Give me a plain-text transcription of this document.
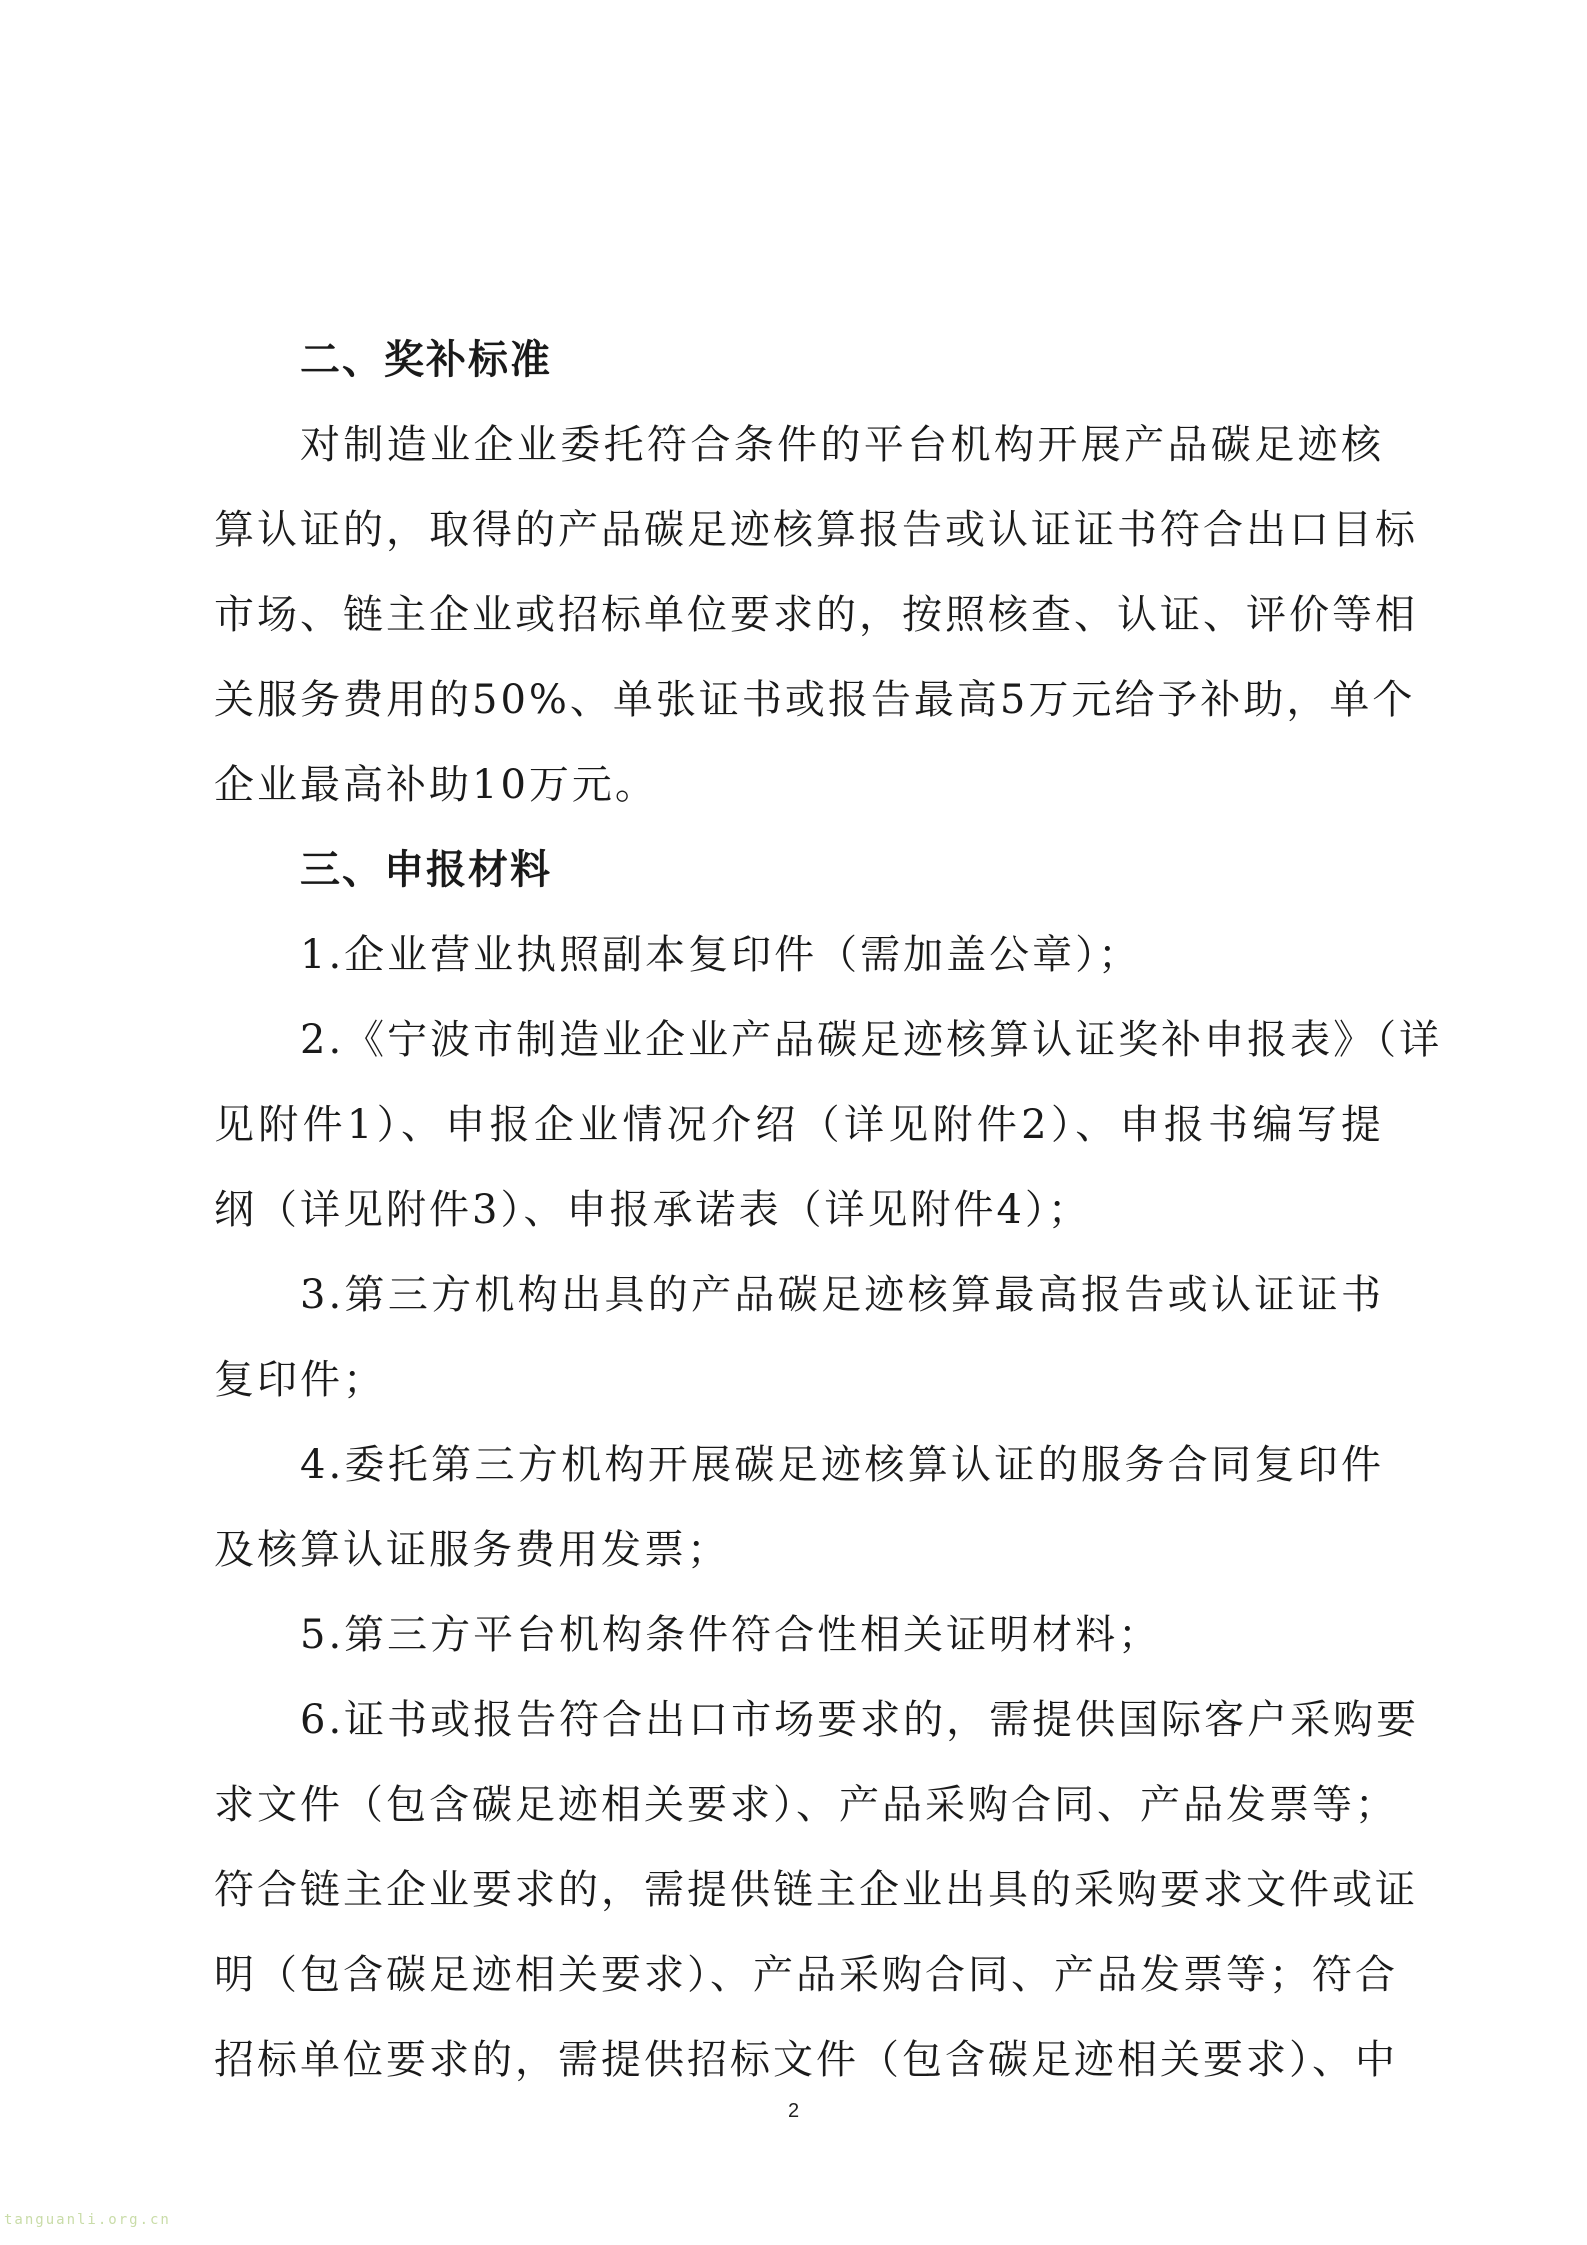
二、奖补标准
对制造业企业委托符合条件的平台机构开展产品碳足迹核
算认证的，取得的产品碳足迹核算报告或认证证书符合出口目标
市场、链主企业或招标单位要求的，按照核查、认证、评价等相
关服务费用的50%、单张证书或报告最高5万元给予补助，单个
企业最高补助10万元。
三、申报材料
1.企业营业执照副本复印件（需加盖公章）；
2.《宁波市制造业企业产品碳足迹核算认证奖补申报表》（详
见附件1）、申报企业情况介绍（详见附件2）、申报书编写提
纲（详见附件3）、申报承诺表（详见附件4）；
3.第三方机构出具的产品碳足迹核算最高报告或认证证书
复印件；
4.委托第三方机构开展碳足迹核算认证的服务合同复印件
及核算认证服务费用发票；
5.第三方平台机构条件符合性相关证明材料；
6.证书或报告符合出口市场要求的，需提供国际客户采购要
求文件（包含碳足迹相关要求）、产品采购合同、产品发票等；
符合链主企业要求的，需提供链主企业出具的采购要求文件或证
明（包含碳足迹相关要求）、产品采购合同、产品发票等；符合
招标单位要求的，需提供招标文件（包含碳足迹相关要求）、中
2
tanguanli.org.cn
